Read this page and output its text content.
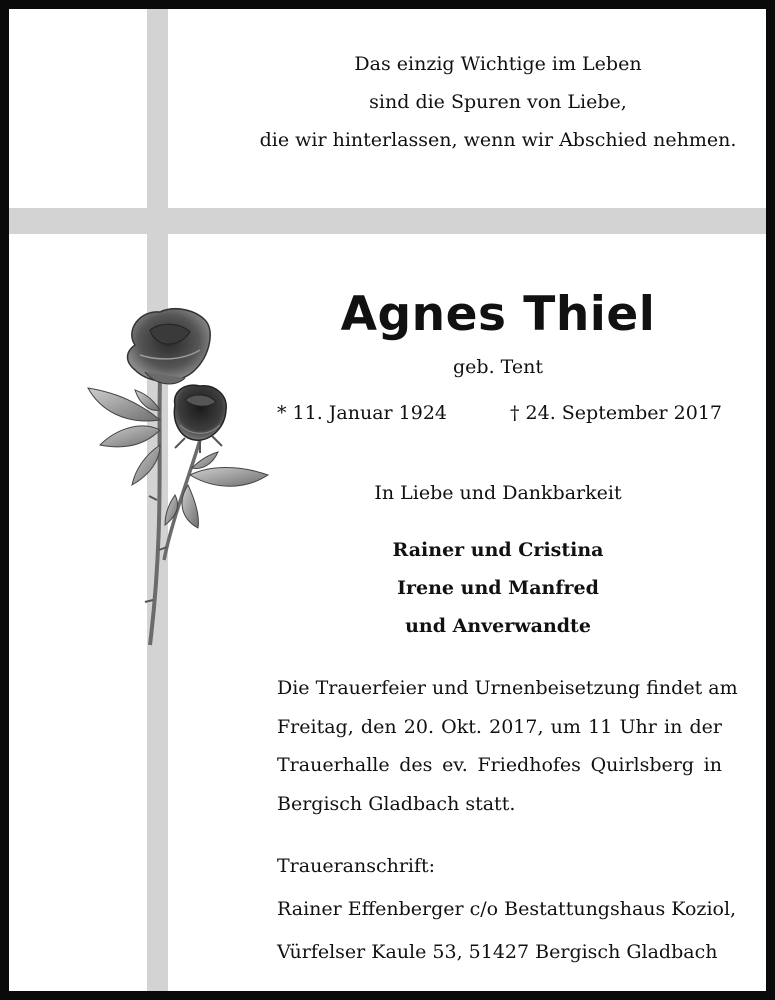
Das einzig Wichtige im Leben
sind die Spuren von Liebe,
die wir hinterlassen, wenn wir Abschied nehmen.
Agnes Thiel
geb. Tent
* 11. Januar 1924	† 24. September 2017
In Liebe und Dankbarkeit
Rainer und Cristina
Irene und Manfred
und Anverwandte
Die Trauerfeier und Urnenbeisetzung findet am
Freitag, den 20. Okt. 2017, um 11 Uhr in der
Trauerhalle des ev. Friedhofes Quirlsberg in
Bergisch Gladbach statt.
Traueranschrift:
Rainer Effenberger c/o Bestattungshaus Koziol,
Vürfelser Kaule 53, 51427 Bergisch Gladbach
